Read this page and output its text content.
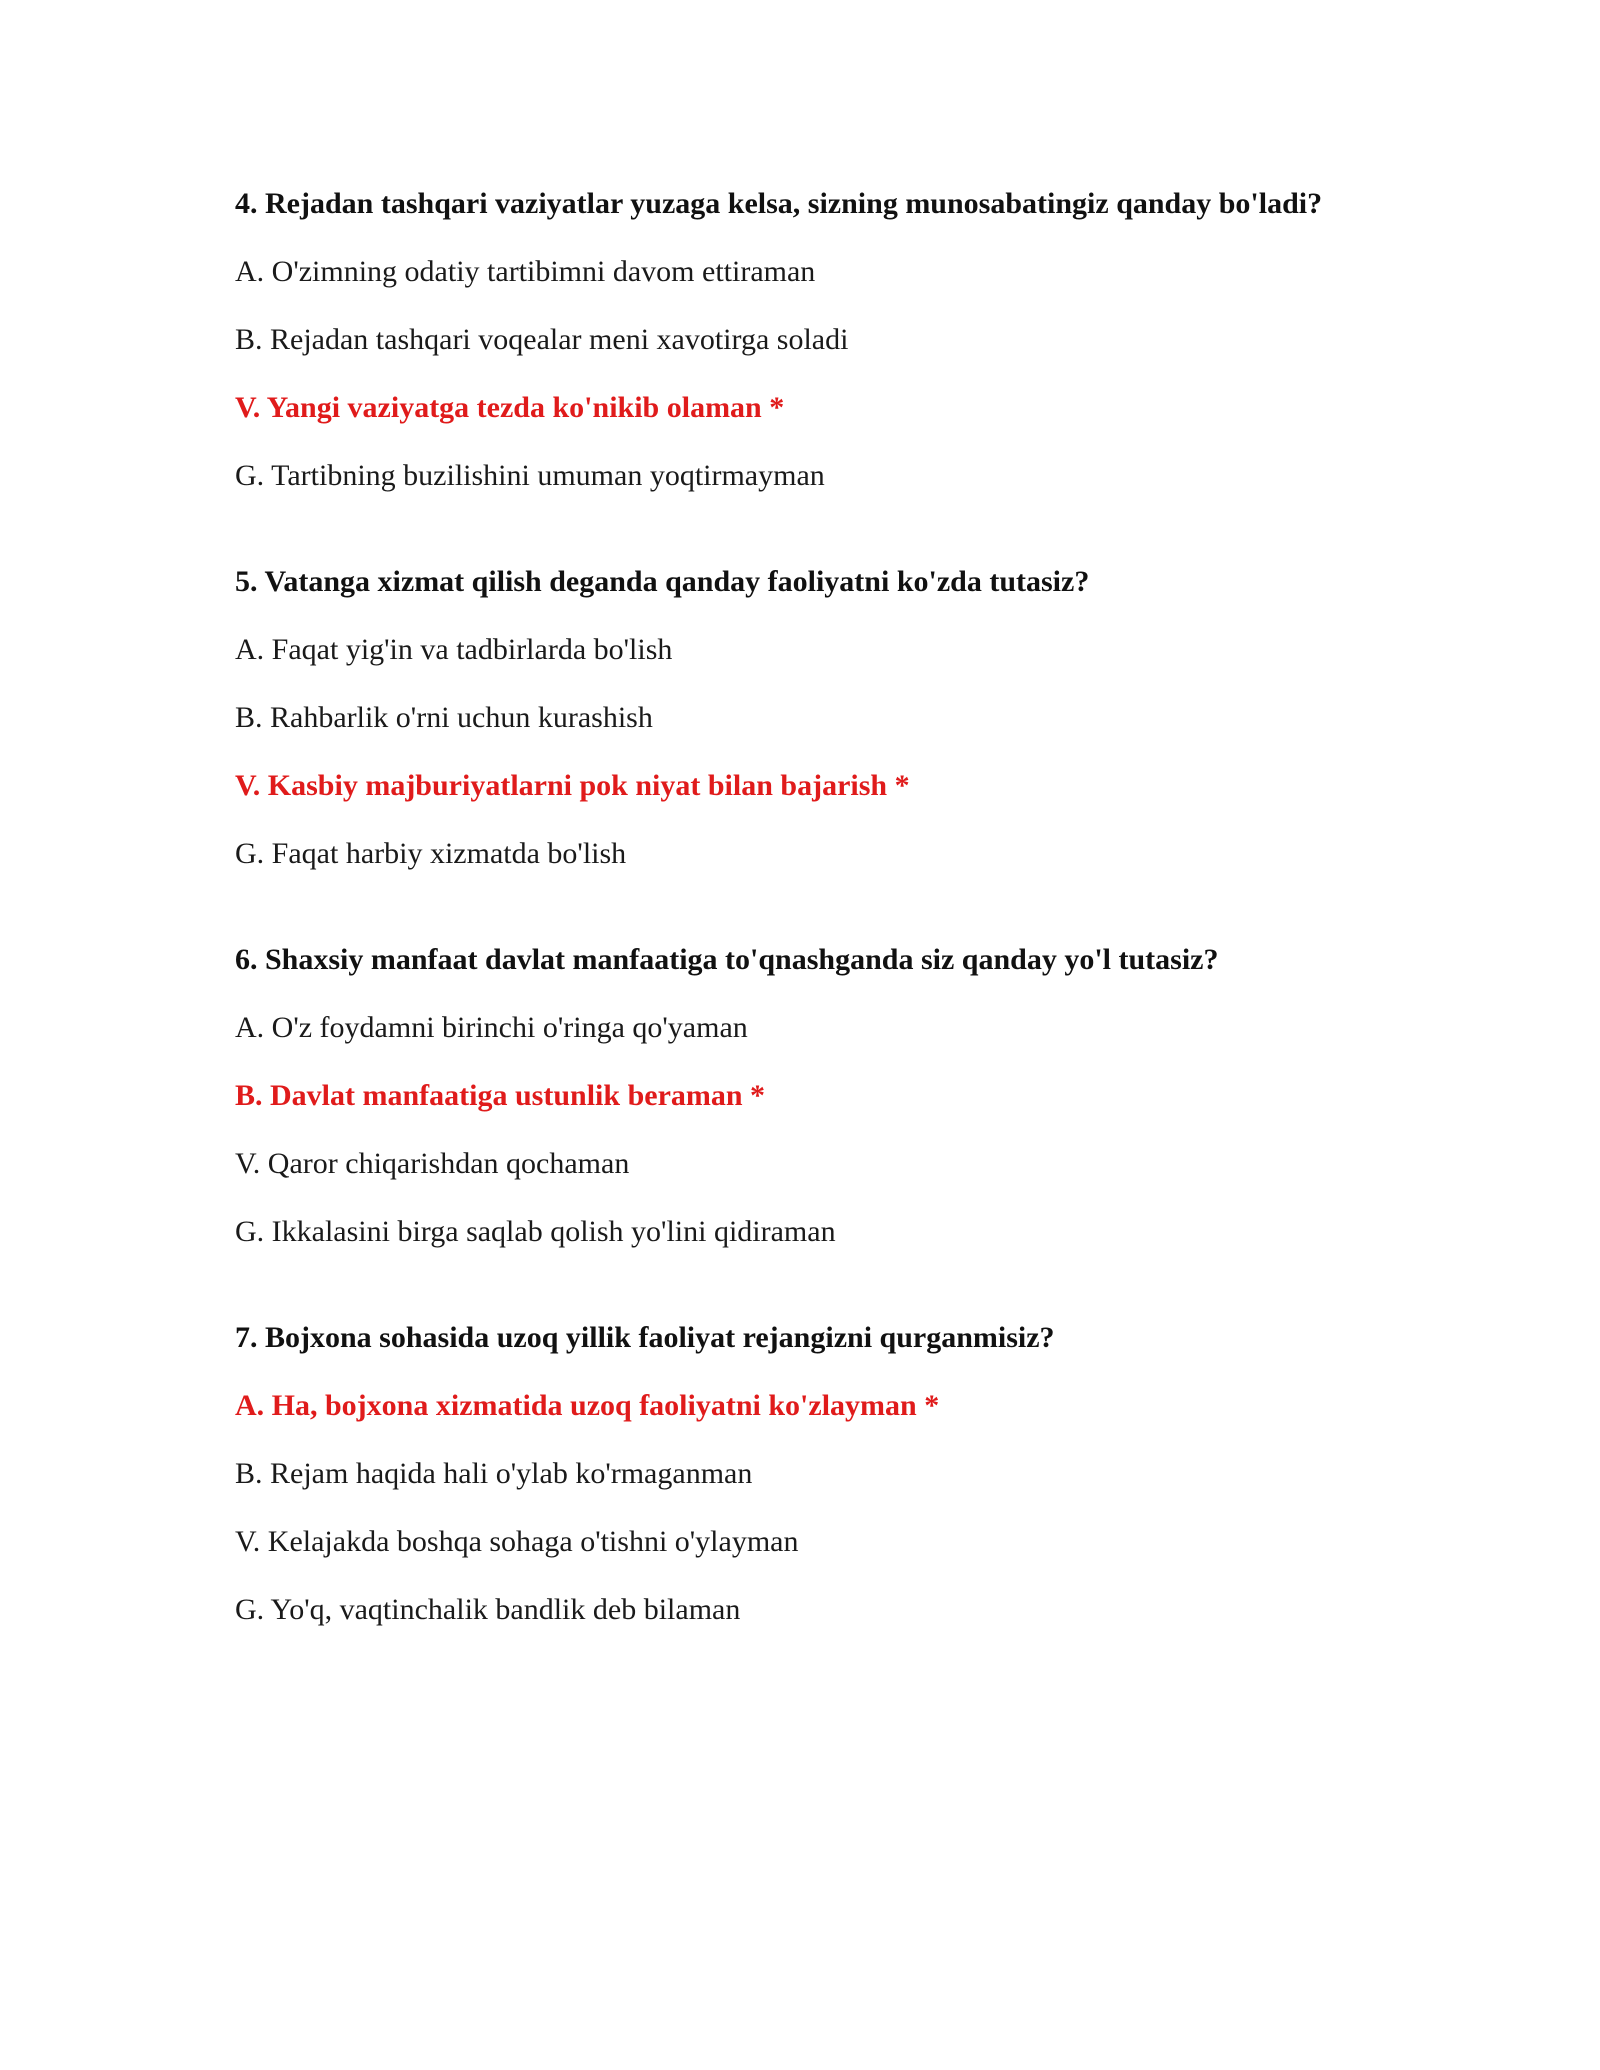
4. Rejadan tashqari vaziyatlar yuzaga kelsa, sizning munosabatingiz qanday bo'ladi?

A. O'zimning odatiy tartibimni davom ettiraman
B. Rejadan tashqari voqealar meni xavotirga soladi
V. Yangi vaziyatga tezda ko'nikib olaman *
G. Tartibning buzilishini umuman yoqtirmayman

5. Vatanga xizmat qilish deganda qanday faoliyatni ko'zda tutasiz?

A. Faqat yig'in va tadbirlarda bo'lish
B. Rahbarlik o'rni uchun kurashish
V. Kasbiy majburiyatlarni pok niyat bilan bajarish *
G. Faqat harbiy xizmatda bo'lish

6. Shaxsiy manfaat davlat manfaatiga to'qnashganda siz qanday yo'l tutasiz?

A. O'z foydamni birinchi o'ringa qo'yaman
B. Davlat manfaatiga ustunlik beraman *
V. Qaror chiqarishdan qochaman
G. Ikkalasini birga saqlab qolish yo'lini qidiraman

7. Bojxona sohasida uzoq yillik faoliyat rejangizni qurganmisiz?

A. Ha, bojxona xizmatida uzoq faoliyatni ko'zlayman *
B. Rejam haqida hali o'ylab ko'rmaganman
V. Kelajakda boshqa sohaga o'tishni o'ylayman
G. Yo'q, vaqtinchalik bandlik deb bilaman
